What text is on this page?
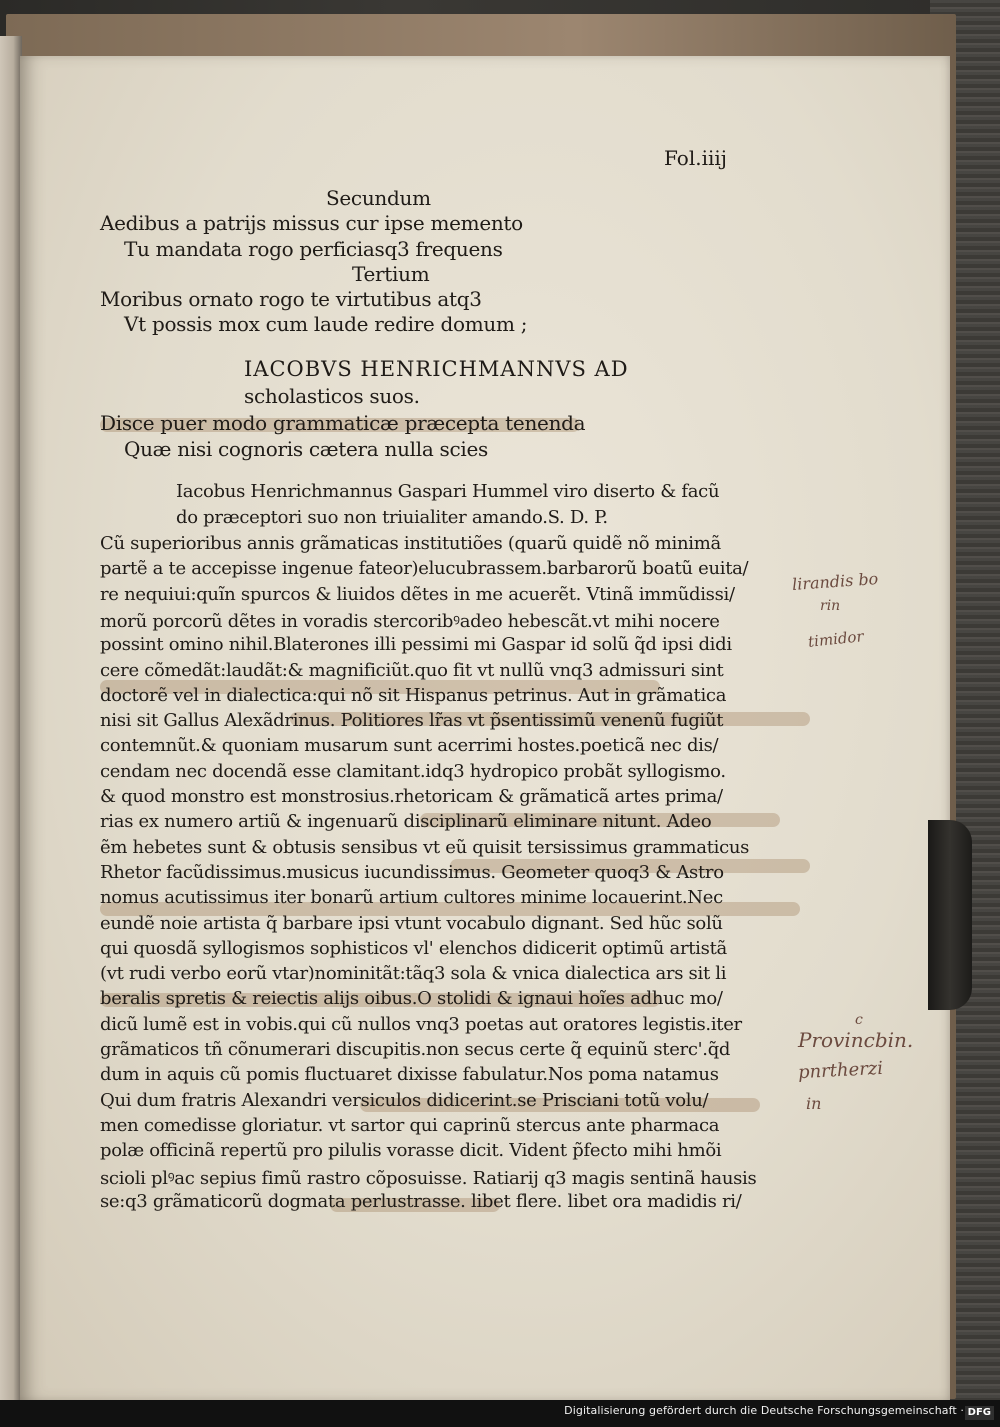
Fol.iiij
Secundum
Aedibus a patrijs missus cur ipse memento
Tu mandata rogo perficiasq3 frequens
Tertium
Moribus ornato rogo te virtutibus atq3
Vt possis mox cum laude redire domum ;
IACOBVS HENRICHMANNVS AD
scholasticos suos.
Disce puer modo grammaticæ præcepta tenenda
Quæ nisi cognoris cætera nulla scies
Iacobus Henrichmannus Gaspari Hummel viro diserto & facũ
do præceptori suo non triuialiter amando.S. D. P.
Cũ superioribus annis grãmaticas institutiões (quarũ quidẽ nõ minimã
partẽ a te accepisse ingenue fateor)elucubrassem.barbarorũ boatũ euita/
re nequiui:quĩn spurcos & liuidos dẽtes in me acuerẽt. Vtinã immũdissi/
morũ porcorũ dẽtes in voradis stercoribꝰadeo hebescãt.vt mihi nocere
possint omino nihil.Blaterones illi pessimi mi Gaspar id solũ q̃d ipsi didi
cere cõmedãt:laudãt:& magnificiũt.quo fit vt nullũ vnq3 admissuri sint
doctorẽ vel in dialectica:qui nõ sit Hispanus petrinus. Aut in grãmatica
nisi sit Gallus Alexãdrinus. Politiores lr̃as vt p̃sentissimũ venenũ fugiũt
contemnũt.& quoniam musarum sunt acerrimi hostes.poeticã nec dis/
cendam nec docendã esse clamitant.idq3 hydropico probãt syllogismo.
& quod monstro est monstrosius.rhetoricam & grãmaticã artes prima/
rias ex numero artiũ & ingenuarũ disciplinarũ eliminare nitunt. Adeo
ẽm hebetes sunt & obtusis sensibus vt eũ quisit tersissimus grammaticus
Rhetor facũdissimus.musicus iucundissimus. Geometer quoq3 & Astro
nomus acutissimus iter bonarũ artium cultores minime locauerint.Nec
eundẽ noie artista q̃ barbare ipsi vtunt vocabulo dignant. Sed hũc solũ
qui quosdã syllogismos sophisticos vl' elenchos didicerit optimũ artistã
(vt rudi verbo eorũ vtar)nominitãt:tãq3 sola & vnica dialectica ars sit li
beralis spretis & reiectis alijs oibus.O stolidi & ignaui hoĩes adhuc mo/
dicũ lumẽ est in vobis.qui cũ nullos vnq3 poetas aut oratores legistis.iter
grãmaticos tñ cõnumerari discupitis.non secus certe q̃ equinũ sterc'.q̃d
dum in aquis cũ pomis fluctuaret dixisse fabulatur.Nos poma natamus
Qui dum fratris Alexandri versiculos didicerint.se Prisciani totũ volu/
men comedisse gloriatur. vt sartor qui caprinũ stercus ante pharmaca
polæ officinã repertũ pro pilulis vorasse dicit. Vident p̃fecto mihi hmõi
scioli plꝰac sepius fimũ rastro cõposuisse. Ratiarij q3 magis sentinã hausis
se:q3 grãmaticorũ dogmata perlustrasse. libet flere. libet ora madidis ri/
lirandis bo
rin
timidor
c
Provincbin.
pnrtherzi
in
Digitalisierung gefördert durch die Deutsche Forschungsgemeinschaft · DFG
